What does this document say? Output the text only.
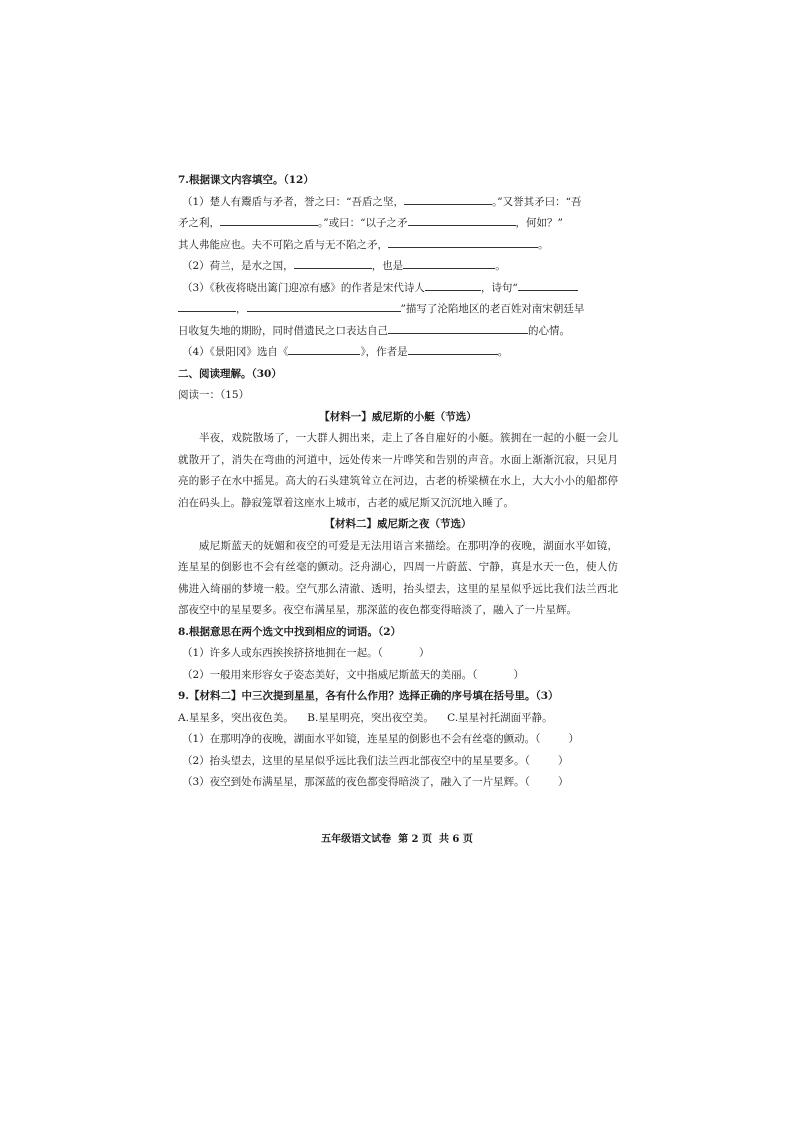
7.根据课文内容填空。（12）
（1）楚人有鬻盾与矛者，誉之曰：“吾盾之坚，	。”又誉其矛曰：“吾
矛之利，	。”或曰：“以子之矛	，何如？”
其人弗能应也。夫不可陷之盾与无不陷之矛，	。
（2）荷兰，是水之国，	，也是	。
（3）《秋夜将晓出篱门迎凉有感》的作者是宋代诗人	，诗句“
，	”描写了沦陷地区的老百姓对南宋朝廷早
日收复失地的期盼，同时借遗民之口表达自己	的心情。
（4）《景阳冈》选自《	》，作者是	。
二、阅读理解。（30）
阅读一：（15）
【材料一】威尼斯的小艇（节选）
半夜，戏院散场了，一大群人拥出来，走上了各自雇好的小艇。簇拥在一起的小艇一会儿就散开了，消失在弯曲的河道中，远处传来一片哗笑和告别的声音。水面上渐渐沉寂，只见月亮的影子在水中摇晃。高大的石头建筑耸立在河边，古老的桥梁横在水上，大大小小的船都停泊在码头上。静寂笼罩着这座水上城市，古老的威尼斯又沉沉地入睡了。
【材料二】威尼斯之夜（节选）
威尼斯蓝天的妩媚和夜空的可爱是无法用语言来描绘。在那明净的夜晚，湖面水平如镜，连星星的倒影也不会有丝毫的颤动。泛舟湖心，四周一片蔚蓝、宁静，真是水天一色，使人仿佛进入绮丽的梦境一般。空气那么清澈、透明，抬头望去，这里的星星似乎远比我们法兰西北部夜空中的星星要多。夜空布满星星，那深蓝的夜色都变得暗淡了，融入了一片星辉。
8.根据意思在两个选文中找到相应的词语。（2）
（1）许多人或东西挨挨挤挤地拥在一起。（	）
（2）一般用来形容女子姿态美好，文中指威尼斯蓝天的美丽。（	）
9.【材料二】中三次提到星星，各有什么作用？选择正确的序号填在括号里。（3）
A.星星多，突出夜色美。    B.星星明亮，突出夜空美。    C.星星衬托湖面平静。
（1）在那明净的夜晚，湖面水平如镜，连星星的倒影也不会有丝毫的颤动。（	）
（2）抬头望去，这里的星星似乎远比我们法兰西北部夜空中的星星要多。（	）
（3）夜空到处布满星星，那深蓝的夜色都变得暗淡了，融入了一片星辉。（	）
五年级语文试卷  第 2 页  共 6 页
